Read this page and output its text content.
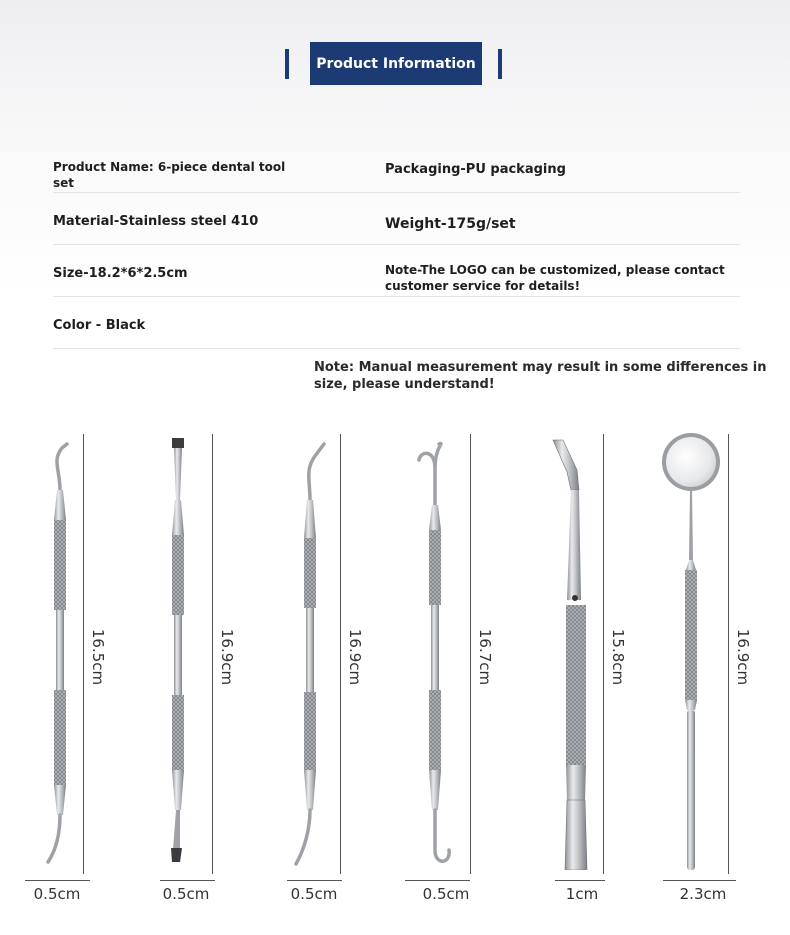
Product Information
Product Name: 6-piece dental tool set
Packaging-PU packaging
Material-Stainless steel 410	Weight-175g/set
Size-18.2*6*2.5cm	Note-The LOGO can be customized, please contact customer service for details!
Color - Black
Note: Manual measurement may result in some differences in size, please understand!
16.5cm
0.5cm
16.9cm
0.5cm
16.9cm
0.5cm
16.7cm
0.5cm
15.8cm
1cm
16.9cm
2.3cm
